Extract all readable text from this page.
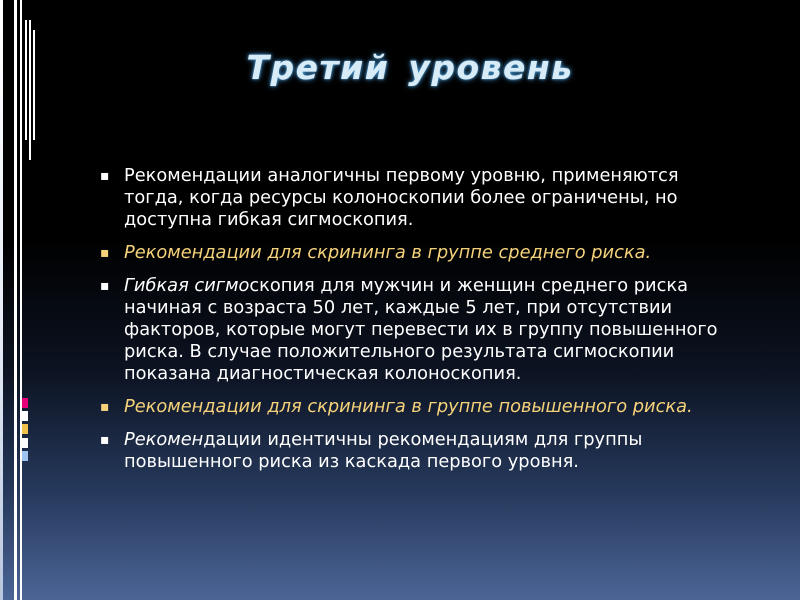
Третий уровень
▪ Рекомендации аналогичны первому уровню, применяются тогда, когда ресурсы колоноскопии более ограничены, но доступна гибкая сигмоскопия.
▪ Рекомендации для скрининга в группе среднего риска.
▪ Гибкая сигмоскопия для мужчин и женщин среднего риска начиная с возраста 50 лет, каждые 5 лет, при отсутствии факторов, которые могут перевести их в группу повышенного риска. В случае положительного результата сигмоскопии показана диагностическая колоноскопия.
▪ Рекомендации для скрининга в группе повышенного риска.
▪ Рекомендации идентичны рекомендациям для группы повышенного риска из каскада первого уровня.
